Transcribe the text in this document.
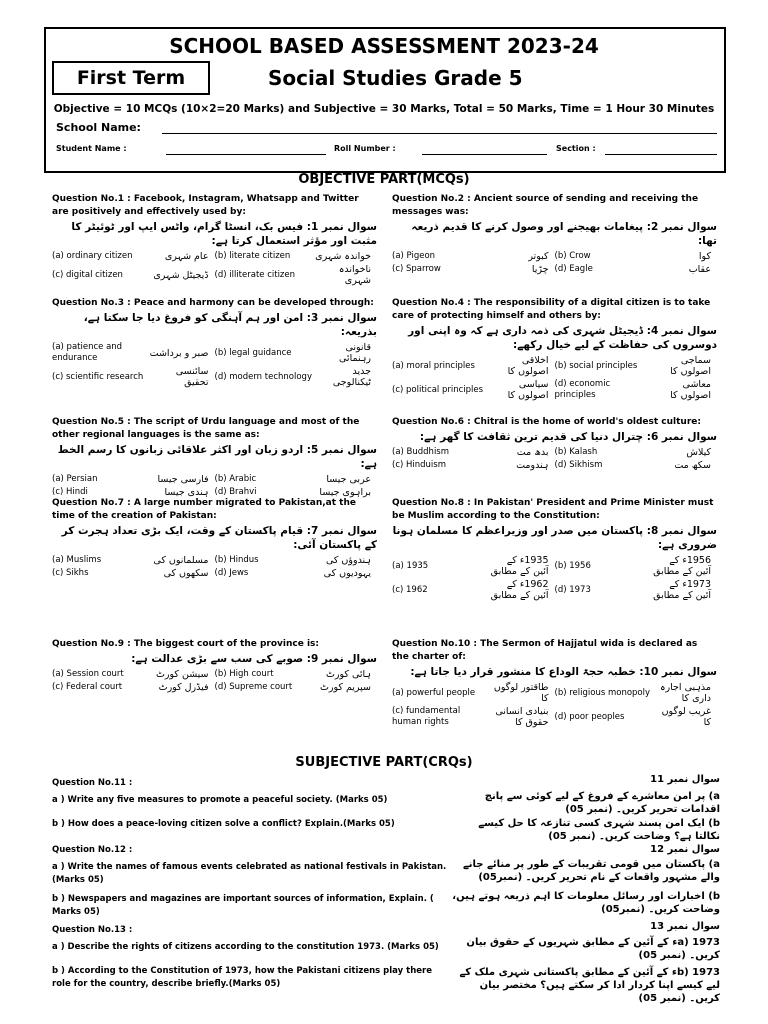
SCHOOL BASED ASSESSMENT 2023-24
First Term	Social Studies Grade 5
Objective = 10 MCQs (10×2=20 Marks) and Subjective = 30 Marks, Total = 50 Marks, Time = 1 Hour 30 Minutes
School Name:
Student Name :	Roll Number :	Section :
OBJECTIVE PART(MCQs)
Question No.1 : Facebook, Instagram, Whatsapp and Twitter are positively and effectively used by:
سوال نمبر 1: فیس بک، انسٹا گرام، واٹس ایپ اور ٹوئیٹر کا مثبت اور مؤثر استعمال کرتا ہے:
(a) ordinary citizen	عام شہری	(b) literate citizen	خواندہ شہری
(c) digital citizen	ڈیجیٹل شہری	(d) illiterate citizen	ناخواندہ شہری
Question No.2 : Ancient source of sending and receiving the messages was:
سوال نمبر 2: پیغامات بھیجنے اور وصول کرنے کا قدیم ذریعہ تھا:
(a) Pigeon	کبوتر	(b) Crow	کوا
(c) Sparrow	چڑیا	(d) Eagle	عقاب
Question No.3 : Peace and harmony can be developed through:
سوال نمبر 3: امن اور ہم آہنگی کو فروغ دیا جا سکتا ہے، بذریعہ:
(a) patience and endurance	صبر و برداشت	(b) legal guidance	قانونی رہنمائی
(c) scientific research	سائنسی تحقیق	(d) modern technology	جدید ٹیکنالوجی
Question No.4 : The responsibility of a digital citizen is to take care of protecting himself and others by:
سوال نمبر 4: ڈیجیٹل شہری کی ذمہ داری ہے کہ وہ اپنی اور دوسروں کی حفاظت کے لیے خیال رکھے:
(a) moral principles	اخلاقی اصولوں کا	(b) social principles	سماجی اصولوں کا
(c) political principles	سیاسی اصولوں کا	(d) economic principles	معاشی اصولوں کا
Question No.5 : The script of Urdu language and most of the other regional languages is the same as:
سوال نمبر 5: اردو زبان اور اکثر علاقائی زبانوں کا رسم الخط ہے:
(a) Persian	فارسی جیسا	(b) Arabic	عربی جیسا
(c) Hindi	ہندی جیسا	(d) Brahvi	براہوی جیسا
Question No.6 : Chitral is the home of world's oldest culture:
سوال نمبر 6: چترال دنیا کی قدیم ترین ثقافت کا گھر ہے:
(a) Buddhism	بدھ مت	(b) Kalash	کیلاش
(c) Hinduism	ہندومت	(d) Sikhism	سکھ مت
Question No.7 : A large number migrated to Pakistan,at the time of the creation of Pakistan:
سوال نمبر 7: قیام پاکستان کے وقت، ایک بڑی تعداد ہجرت کر کے پاکستان آئی:
(a) Muslims	مسلمانوں کی	(b) Hindus	ہندوؤں کی
(c) Sikhs	سکھوں کی	(d) Jews	یہودیوں کی
Question No.8 : In Pakistan' President and Prime Minister must be Muslim according to the Constitution:
سوال نمبر 8: پاکستان میں صدر اور وزیراعظم کا مسلمان ہونا ضروری ہے:
(a) 1935	1935ء کے آئین کے مطابق	(b) 1956	1956ء کے آئین کے مطابق
(c) 1962	1962ء کے آئین کے مطابق	(d) 1973	1973ء کے آئین کے مطابق
Question No.9 : The biggest court of the province is:
سوال نمبر 9: صوبے کی سب سے بڑی عدالت ہے:
(a) Session court	سیشن کورٹ	(b) High court	ہائی کورٹ
(c) Federal court	فیڈرل کورٹ	(d) Supreme court	سپریم کورٹ
Question No.10 : The Sermon of Hajjatul wida is declared as the charter of:
سوال نمبر 10: خطبہ حجۃ الوداع کا منشور قرار دیا جاتا ہے:
(a) powerful people	طاقتور لوگوں کا	(b) religious monopoly	مذہبی اجارہ داری کا
(c) fundamental human rights	بنیادی انسانی حقوق کا	(d) poor peoples	غریب لوگوں کا
SUBJECTIVE PART(CRQs)
Question No.11 :
a ) Write any five measures to promote a peaceful society. (Marks 05)
b ) How does a peace-loving citizen solve a conflict? Explain.(Marks 05)
Question No.12 :
a ) Write the names of famous events celebrated as national festivals in Pakistan. (Marks 05)
b ) Newspapers and magazines are important sources of information, Explain. ( Marks 05)
Question No.13 :
a ) Describe the rights of citizens according to the constitution 1973. (Marks 05)
b ) According to the Constitution of 1973, how the Pakistani citizens play there role for the country, describe briefly.(Marks 05)
سوال نمبر 11
a) پر امن معاشرے کے فروغ کے لیے کوئی سے پانچ اقدامات تحریر کریں۔ (نمبر 05)
b) ایک امن پسند شہری کسی تنازعہ کا حل کیسے نکالتا ہے؟ وضاحت کریں۔ (نمبر 05)
سوال نمبر 12
a) پاکستان میں قومی تقریبات کے طور پر منائے جانے والے مشہور واقعات کے نام تحریر کریں۔ (نمبر05)
b) اخبارات اور رسائل معلومات کا اہم ذریعہ ہوتے ہیں، وضاحت کریں۔ (نمبر05)
سوال نمبر 13
a) 1973ء کے آئین کے مطابق شہریوں کے حقوق بیان کریں۔ (نمبر 05)
b) 1973ء کے آئین کے مطابق پاکستانی شہری ملک کے لیے کیسے اپنا کردار ادا کر سکتے ہیں؟ مختصر بیان کریں۔ (نمبر 05)
